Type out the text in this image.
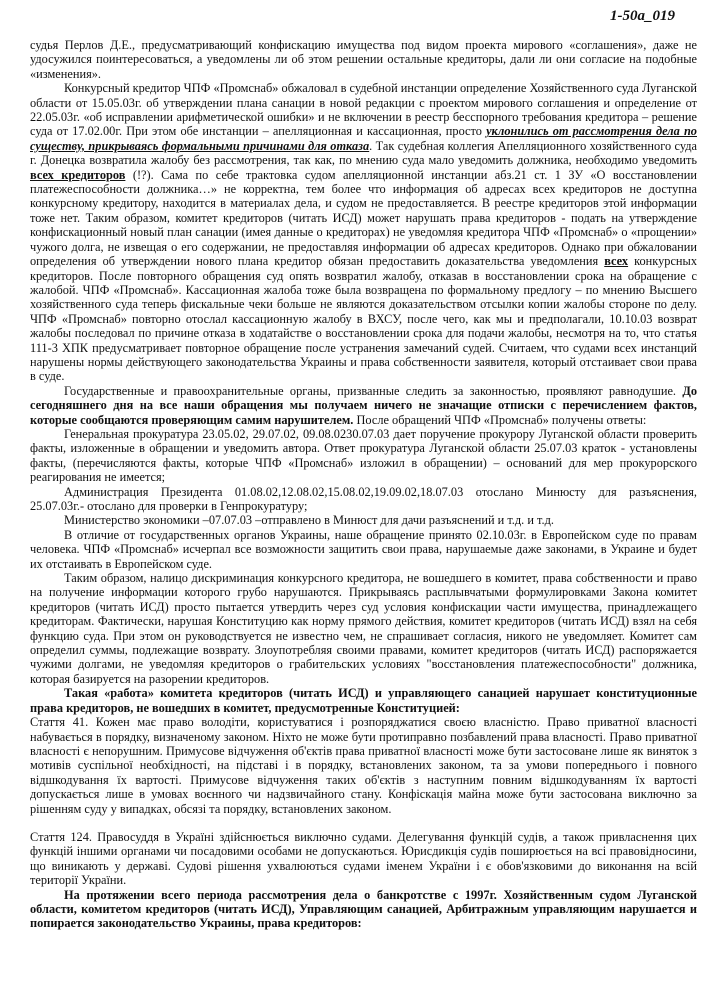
1-50а_019

судья Перлов Д.Е., предусматривающий конфискацию имущества под видом проекта мирового «соглашения», даже не удосужился поинтересоваться, а уведомлены ли об этом решении остальные кредиторы, дали ли они согласие на подобные «изменения».

Конкурсный кредитор ЧПФ «Промснаб» обжаловал в судебной инстанции определение Хозяйственного суда Луганской области от 15.05.03г. об утверждении плана санации в новой редакции с проектом мирового соглашения и определение от 22.05.03г. «об исправлении арифметической ошибки» и не включении в реестр бесспорного требования кредитора – решение суда от 17.02.00г. При этом обе инстанции – апелляционная и кассационная, просто уклонились от рассмотрения дела по существу, прикрываясь формальными причинами для отказа. Так судебная коллегия Апелляционного хозяйственного суда г. Донецка возвратила жалобу без рассмотрения, так как, по мнению суда мало уведомить должника, необходимо уведомить всех кредиторов (!?). Сама по себе трактовка судом апелляционной инстанции абз.21 ст. 1 ЗУ «О восстановлении платежеспособности должника…» не корректна, тем более что информация об адресах всех кредиторов не доступна конкурсному кредитору, находится в материалах дела, и судом не предоставляется. В реестре кредиторов этой информации тоже нет. Таким образом, комитет кредиторов (читать ИСД) может нарушать права кредиторов - подать на утверждение конфискационный новый план санации (имея данные о кредиторах) не уведомляя кредитора ЧПФ «Промснаб» о «прощении» чужого долга, не извещая о его содержании, не предоставляя информации об адресах кредиторов. Однако при обжаловании определения об утверждении нового плана кредитор обязан предоставить доказательства уведомления всех конкурсных кредиторов. После повторного обращения суд опять возвратил жалобу, отказав в восстановлении срока на обращение с жалобой. ЧПФ «Промснаб». Кассационная жалоба тоже была возвращена по формальному предлогу – по мнению Высшего хозяйственного суда теперь фискальные чеки больше не являются доказательством отсылки копии жалобы стороне по делу. ЧПФ «Промснаб» повторно отослал кассационную жалобу в ВХСУ, после чего, как мы и предполагали, 10.10.03 возврат жалобы последовал по причине отказа в ходатайстве о восстановлении срока для подачи жалобы, несмотря на то, что статья 111-3 ХПК предусматривает повторное обращение после устранения замечаний судей. Считаем, что судами всех инстанций нарушены нормы действующего законодательства Украины и права собственности заявителя, который отстаивает свои права в суде.

Государственные и правоохранительные органы, призванные следить за законностью, проявляют равнодушие. До сегодняшнего дня на все наши обращения мы получаем ничего не значащие отписки с перечислением фактов, которые сообщаются проверяющим самим нарушителем. После обращений ЧПФ «Промснаб» получены ответы:

Генеральная прокуратура 23.05.02, 29.07.02, 09.08.0230.07.03 дает поручение прокурору Луганской области проверить факты, изложенные в обращении и уведомить автора. Ответ прокуратура Луганской области 25.07.03 краток - установлены факты, (перечисляются факты, которые ЧПФ «Промснаб» изложил в обращении) – оснований для мер прокурорского реагирования не имеется;

Администрация Президента 01.08.02,12.08.02,15.08.02,19.09.02,18.07.03 отослано Минюсту для разъяснения, 25.07.03г.- отослано для проверки в Генпрокуратуру;

Министерство экономики –07.07.03 –отправлено в Минюст для дачи разъяснений и т.д. и т.д.

В отличие от государственных органов Украины, наше обращение принято 02.10.03г. в Европейском суде по правам человека. ЧПФ «Промснаб» исчерпал все возможности защитить свои права, нарушаемые даже законами, в Украине и будет их отстаивать в Европейском суде.

Таким образом, налицо дискриминация конкурсного кредитора, не вошедшего в комитет, права собственности и право на получение информации которого грубо нарушаются. Прикрываясь расплывчатыми формулировками Закона комитет кредиторов (читать ИСД) просто пытается утвердить через суд условия конфискации части имущества, принадлежащего кредиторам. Фактически, нарушая Конституцию как норму прямого действия, комитет кредиторов (читать ИСД) взял на себя функцию суда. При этом он руководствуется не известно чем, не спрашивает согласия, никого не уведомляет. Комитет сам определил суммы, подлежащие возврату. Злоупотребляя своими правами, комитет кредиторов (читать ИСД) распоряжается чужими долгами, не уведомляя кредиторов о грабительских условиях "восстановления платежеспособности" должника, которая базируется на разорении кредиторов.

Такая «работа» комитета кредиторов (читать ИСД) и управляющего санацией нарушает конституционные права кредиторов, не вошедших в комитет, предусмотренные Конституцией:

Стаття 41. Кожен має право володіти, користуватися і розпоряджатися своєю власністю. Право приватної власності набувається в порядку, визначеному законом. Ніхто не може бути протиправно позбавлений права власності. Право приватної власності є непорушним. Примусове відчуження об'єктів права приватної власності може бути застосоване лише як виняток з мотивів суспільної необхідності, на підставі і в порядку, встановлених законом, та за умови попереднього і повного відшкодування їх вартості. Примусове відчуження таких об'єктів з наступним повним відшкодуванням їх вартості допускається лише в умовах воєнного чи надзвичайного стану. Конфіскація майна може бути застосована виключно за рішенням суду у випадках, обсязі та порядку, встановлених законом.

Стаття 124. Правосуддя в Україні здійснюється виключно судами. Делегування функцій судів, а також привласнення цих функцій іншими органами чи посадовими особами не допускаються. Юрисдикція судів поширюється на всі правовідносини, що виникають у державі. Судові рішення ухвалюються судами іменем України і є обов'язковими до виконання на всій території України.

На протяжении всего периода рассмотрения дела о банкротстве с 1997г. Хозяйственным судом Луганской области, комитетом кредиторов (читать ИСД), Управляющим санацией, Арбитражным управляющим нарушается и попирается законодательство Украины, права кредиторов:
